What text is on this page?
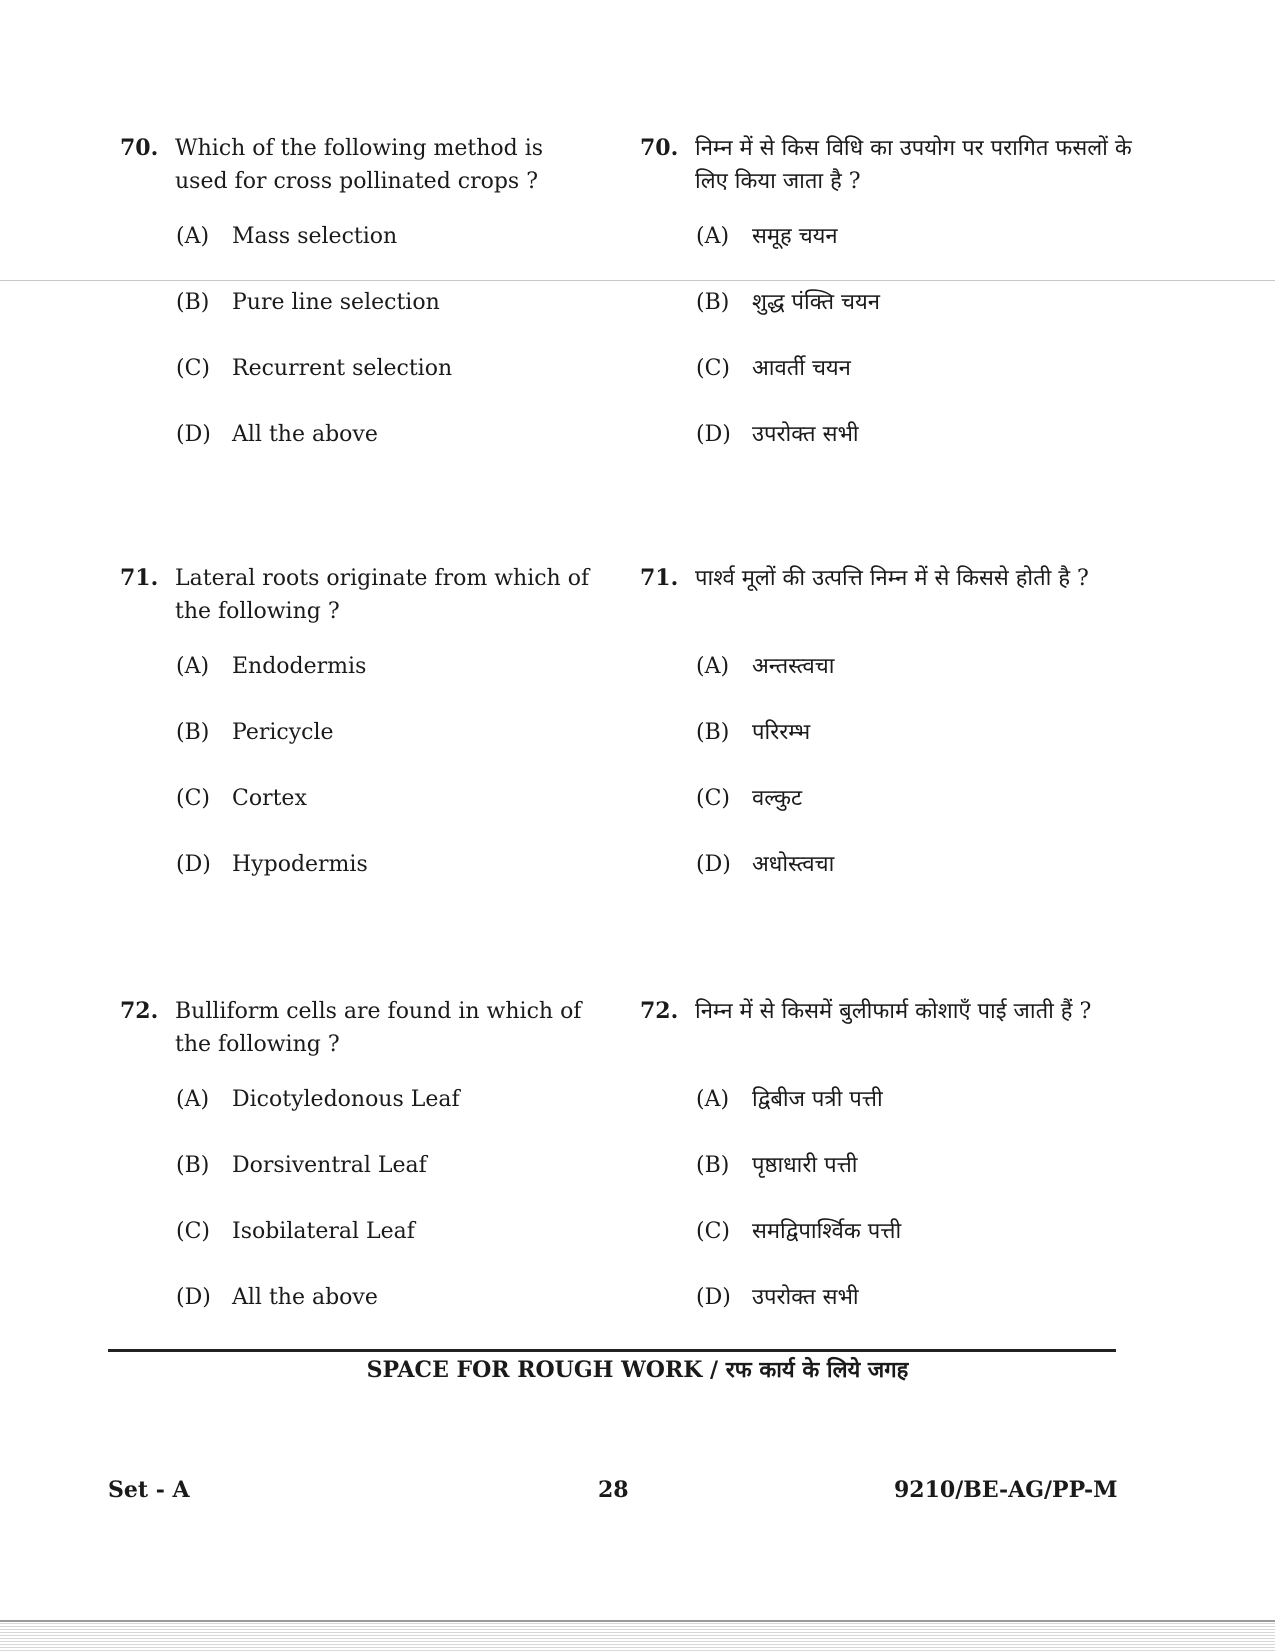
70. Which of the following method is used for cross pollinated crops ?
(A)	Mass selection
(B)	Pure line selection
(C)	Recurrent selection
(D) All the above
70. निम्न में से किस विधि का उपयोग पर परागित फसलों के लिए किया जाता है ?
(A)	समूह चयन
(B)	शुद्ध पंक्ति चयन
(C)	आवर्ती चयन
(D) उपरोक्त सभी
71. Lateral roots originate from which of the following ?
(A)	Endodermis
(B)	Pericycle
(C)	Cortex
(D) Hypodermis
71. पार्श्व मूलों की उत्पत्ति निम्न में से किससे होती है ?
(A)	अन्तस्त्वचा
(B)	परिरम्भ
(C)	वल्कुट
(D) अधोस्त्वचा
72. Bulliform cells are found in which of the following ?
(A)	Dicotyledonous Leaf
(B)	Dorsiventral Leaf
(C)	Isobilateral Leaf
(D) All the above
72. निम्न में से किसमें बुलीफार्म कोशाएँ पाई जाती हैं ?
(A)	द्विबीज पत्री पत्ती
(B)	पृष्ठाधारी पत्ती
(C)	समद्विपार्श्विक पत्ती
(D) उपरोक्त सभी
SPACE FOR ROUGH WORK / रफ कार्य के लिये जगह
Set - A	28	9210/BE-AG/PP-M
